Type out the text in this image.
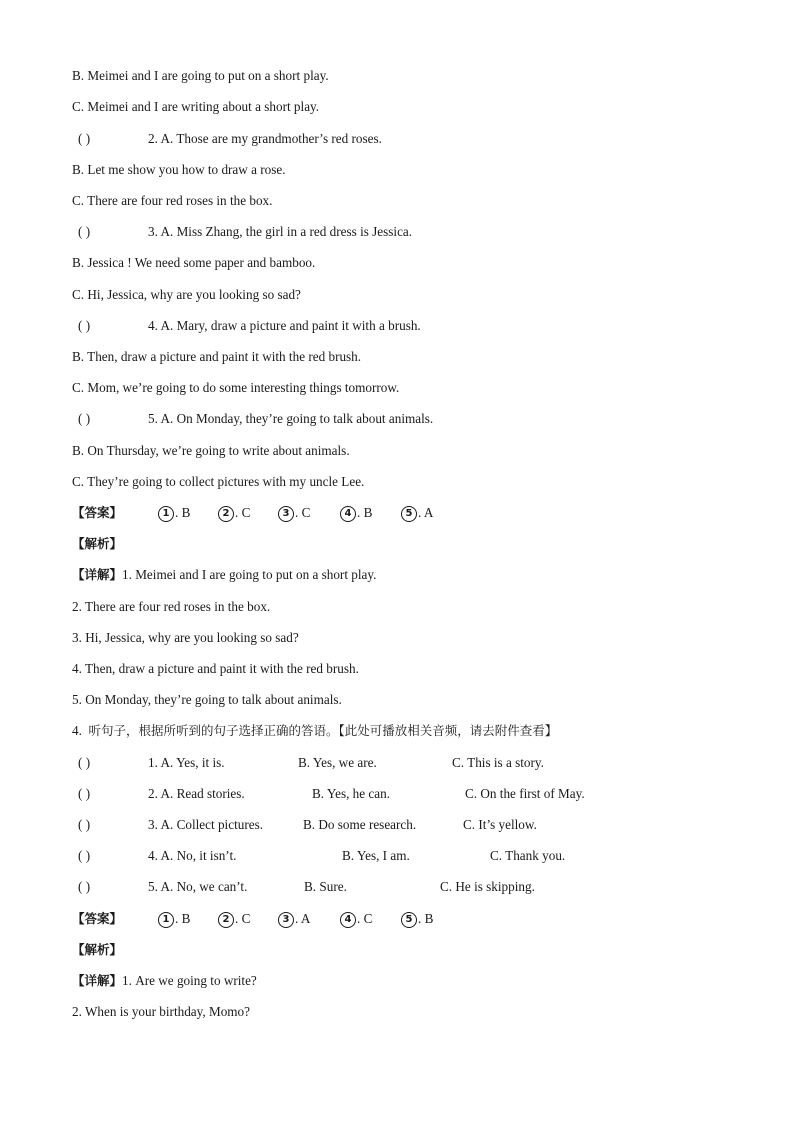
B. Meimei and I are going to put on a short play.
C. Meimei and I are writing about a short play.
( )	2. A. Those are my grandmother’s red roses.
B. Let me show you how to draw a rose.
C. There are four red roses in the box.
( )	3. A. Miss Zhang, the girl in a red dress is Jessica.
B. Jessica ! We need some paper and bamboo.
C. Hi, Jessica, why are you looking so sad?
( )	4. A. Mary, draw a picture and paint it with a brush.
B. Then, draw a picture and paint it with the red brush.
C. Mom, we’re going to do some interesting things tomorrow.
( )	5. A. On Monday, they’re going to talk about animals.
B. On Thursday, we’re going to write about animals.
C. They’re going to collect pictures with my uncle Lee.
【答案】	1 . B	2 . C	3 . C	4 . B	5 . A
【解析】
【详解】1. Meimei and I are going to put on a short play.
2. There are four red roses in the box.
3. Hi, Jessica, why are you looking so sad?
4. Then, draw a picture and paint it with the red brush.
5. On Monday, they’re going to talk about animals.
4. 听句子，根据所听到的句子选择正确的答语。【此处可播放相关音频，请去附件查看】
( )	1. A. Yes, it is.	B. Yes, we are.	C. This is a story.
( )	2. A. Read stories.	B. Yes, he can.	C. On the first of May.
( )	3. A. Collect pictures.	B. Do some research.	C. It’s yellow.
( )	4. A. No, it isn’t.	B. Yes, I am.	C. Thank you.
( )	5. A. No, we can’t.	B. Sure.	C. He is skipping.
【答案】	1 . B	2 . C	3 . A	4 . C	5 . B
【解析】
【详解】1. Are we going to write?
2. When is your birthday, Momo?
